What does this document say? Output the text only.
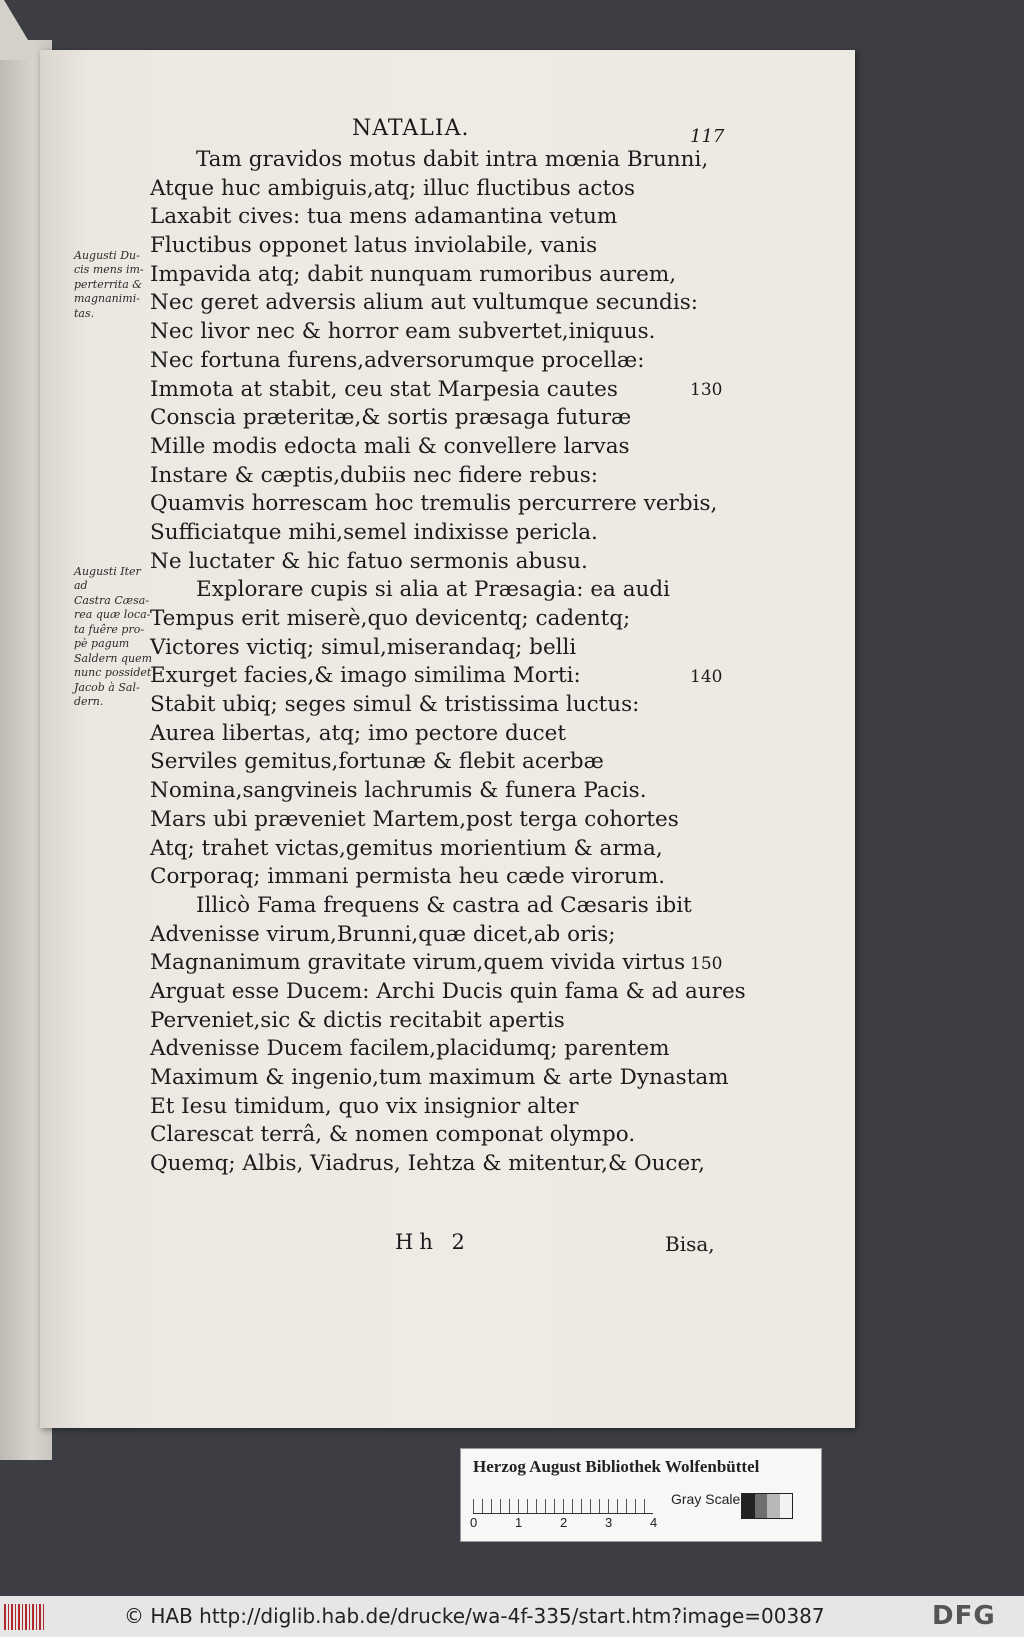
NATALIA.	117
Tam gravidos motus dabit intra mœnia Brunni,
Atque huc ambiguis,atq; illuc fluctibus actos
Laxabit cives: tua mens adamantina vetum
Fluctibus opponet latus inviolabile, vanis
Impavida atq; dabit nunquam rumoribus aurem,
Nec geret adversis alium aut vultumque secundis:
Nec livor nec & horror eam subvertet,iniquus.
Nec fortuna furens,adversorumque procellæ:
Immota at stabit, ceu stat Marpesia cautes
Conscia præteritæ,& sortis præsaga futuræ
Mille modis edocta mali & convellere larvas
Instare & cæptis,dubiis nec fidere rebus:
Quamvis horrescam hoc tremulis percurrere verbis,
Sufficiatque mihi,semel indixisse pericla.
Ne luctater & hic fatuo sermonis abusu.
Explorare cupis si alia at Præsagia: ea audi
Tempus erit miserè,quo devicentq; cadentq;
Victores victiq; simul,miserandaq; belli
Exurget facies,& imago similima Morti:
Stabit ubiq; seges simul & tristissima luctus:
Aurea libertas, atq; imo pectore ducet
Serviles gemitus,fortunæ & flebit acerbæ
Nomina,sangvineis lachrumis & funera Pacis.
Mars ubi præveniet Martem,post terga cohortes
Atq; trahet victas,gemitus morientium & arma,
Corporaq; immani permista heu cæde virorum.
Illicò Fama frequens & castra ad Cæsaris ibit
Advenisse virum,Brunni,quæ dicet,ab oris;
Magnanimum gravitate virum,quem vivida virtus
Arguat esse Ducem: Archi Ducis quin fama & ad aures
Perveniet,sic & dictis recitabit apertis
Advenisse Ducem facilem,placidumq; parentem
Maximum & ingenio,tum maximum & arte Dynastam
Et Iesu timidum, quo vix insignior alter
Clarescat terrâ, & nomen componat olympo.
Quemq; Albis, Viadrus, Iehtza & mitentur,& Oucer,
130
140
150
Augusti Du-
cis mens im-
perterrita &
magnanimi-
tas.
Augusti Iter ad
Castra Cæsa-
rea quæ loca-
ta fuêre pro-
pè pagum
Saldern quem
nunc possidet
Jacob à Sal-
dern.
Hh 2	Bisa,
Herzog August Bibliothek Wolfenbüttel
0	1	2	3	4
Gray Scale
© HAB http://diglib.hab.de/drucke/wa-4f-335/start.htm?image=00387	DFG
